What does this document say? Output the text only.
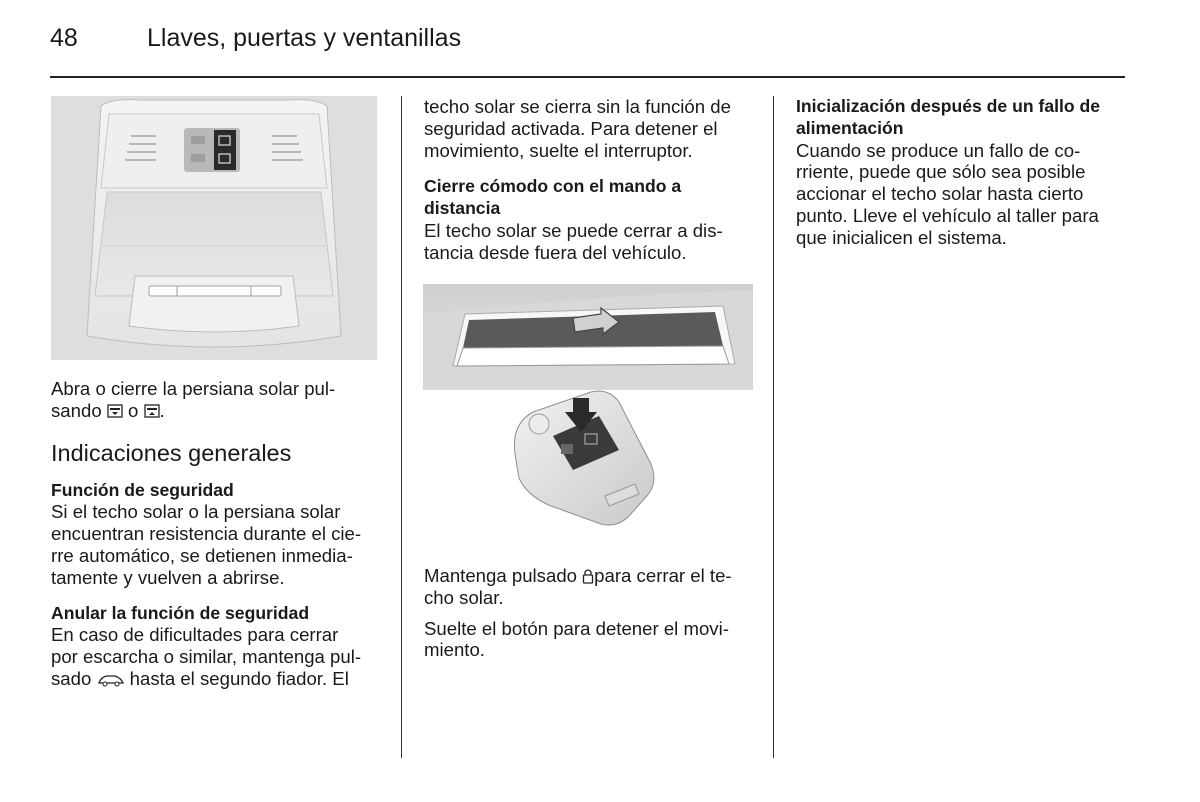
48	Llaves, puertas y ventanillas

Abra o cierre la persiana solar pul-
sando o .

Indicaciones generales

Función de seguridad

Si el techo solar o la persiana solar
encuentran resistencia durante el cie-
rre automático, se detienen inmedia-
tamente y vuelven a abrirse.

Anular la función de seguridad

En caso de dificultades para cerrar
por escarcha o similar, mantenga pul-
sado hasta el segundo fiador. El

techo solar se cierra sin la función de
seguridad activada. Para detener el
movimiento, suelte el interruptor.

Cierre cómodo con el mando a
distancia

El techo solar se puede cerrar a dis-
tancia desde fuera del vehículo.

Mantenga pulsado para cerrar el te-
cho solar.

Suelte el botón para detener el movi-
miento.

Inicialización después de un fallo de
alimentación

Cuando se produce un fallo de co-
rriente, puede que sólo sea posible
accionar el techo solar hasta cierto
punto. Lleve el vehículo al taller para
que inicialicen el sistema.
